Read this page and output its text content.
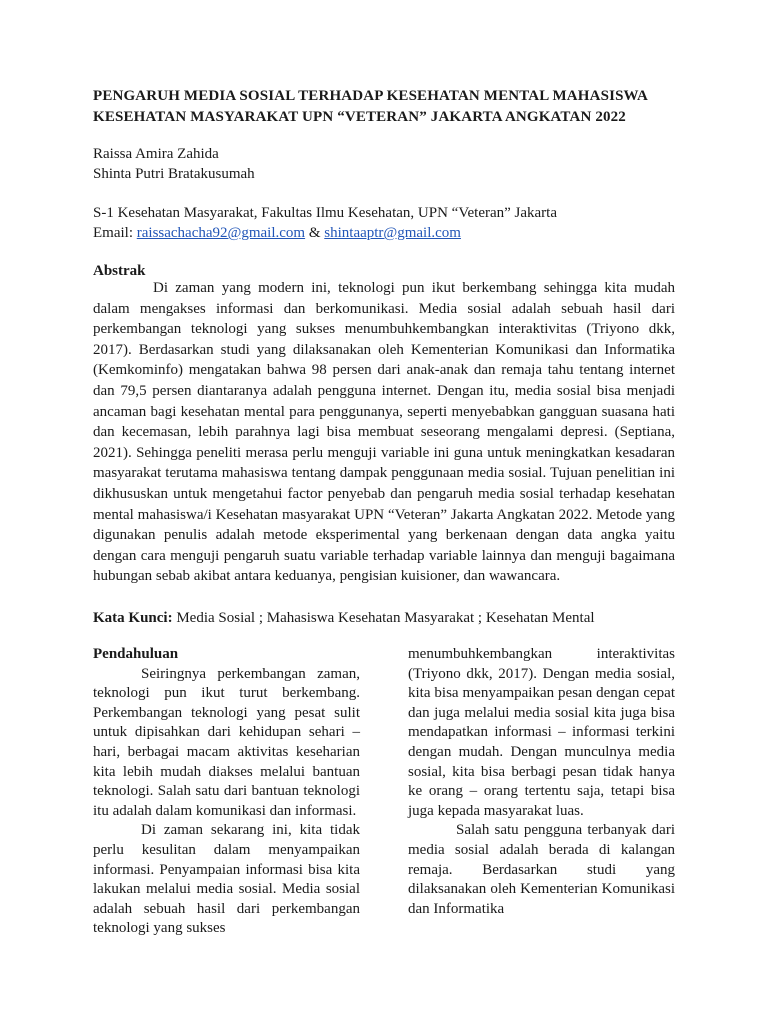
PENGARUH MEDIA SOSIAL TERHADAP KESEHATAN MENTAL MAHASISWA
KESEHATAN MASYARAKAT UPN “VETERAN” JAKARTA ANGKATAN 2022
Raissa Amira Zahida
Shinta Putri Bratakusumah
S-1 Kesehatan Masyarakat, Fakultas Ilmu Kesehatan, UPN “Veteran” Jakarta
Email: raissachacha92@gmail.com & shintaaptr@gmail.com
Abstrak

Di zaman yang modern ini, teknologi pun ikut berkembang sehingga kita mudah dalam mengakses informasi dan berkomunikasi. Media sosial adalah sebuah hasil dari perkembangan teknologi yang sukses menumbuhkembangkan interaktivitas (Triyono dkk, 2017). Berdasarkan studi yang dilaksanakan oleh Kementerian Komunikasi dan Informatika (Kemkominfo) mengatakan bahwa 98 persen dari anak-anak dan remaja tahu tentang internet dan 79,5 persen diantaranya adalah pengguna internet. Dengan itu, media sosial bisa menjadi ancaman bagi kesehatan mental para penggunanya, seperti menyebabkan gangguan suasana hati dan kecemasan, lebih parahnya lagi bisa membuat seseorang mengalami depresi. (Septiana, 2021). Sehingga peneliti merasa perlu menguji variable ini guna untuk meningkatkan kesadaran masyarakat terutama mahasiswa tentang dampak penggunaan media sosial. Tujuan penelitian ini dikhususkan untuk mengetahui factor penyebab dan pengaruh media sosial terhadap kesehatan mental mahasiswa/i Kesehatan masyarakat UPN “Veteran” Jakarta Angkatan 2022. Metode yang digunakan penulis adalah metode eksperimental yang berkenaan dengan data angka yaitu dengan cara menguji pengaruh suatu variable terhadap variable lainnya dan menguji bagaimana hubungan sebab akibat antara keduanya, pengisian kuisioner, dan wawancara.

Kata Kunci: Media Sosial ; Mahasiswa Kesehatan Masyarakat ; Kesehatan Mental
Pendahuluan

Seiringnya perkembangan zaman, teknologi pun ikut turut berkembang. Perkembangan teknologi yang pesat sulit untuk dipisahkan dari kehidupan sehari – hari, berbagai macam aktivitas keseharian kita lebih mudah diakses melalui bantuan teknologi. Salah satu dari bantuan teknologi itu adalah dalam komunikasi dan informasi.

Di zaman sekarang ini, kita tidak perlu kesulitan dalam menyampaikan informasi. Penyampaian informasi bisa kita lakukan melalui media sosial. Media sosial adalah sebuah hasil dari perkembangan teknologi yang sukses

menumbuhkembangkan interaktivitas (Triyono dkk, 2017). Dengan media sosial, kita bisa menyampaikan pesan dengan cepat dan juga melalui media sosial kita juga bisa mendapatkan informasi – informasi terkini dengan mudah. Dengan munculnya media sosial, kita bisa berbagi pesan tidak hanya ke orang – orang tertentu saja, tetapi bisa juga kepada masyarakat luas.

Salah satu pengguna terbanyak dari media sosial adalah berada di kalangan remaja. Berdasarkan studi yang dilaksanakan oleh Kementerian Komunikasi dan Informatika
